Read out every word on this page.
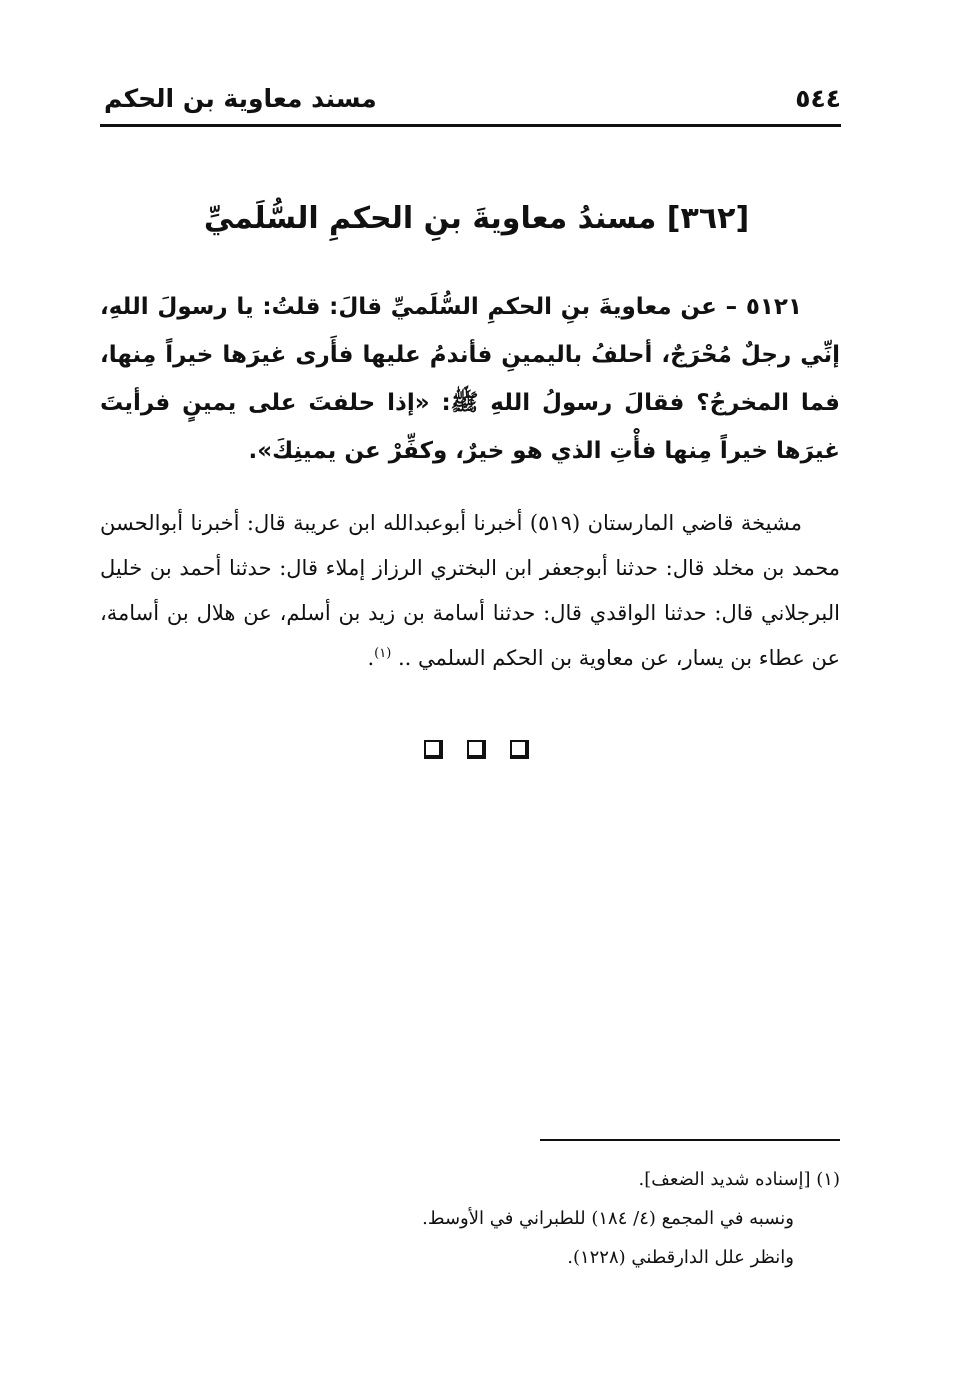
٥٤٤
مسند معاوية بن الحكم
[٣٦٢] مسندُ معاويةَ بنِ الحكمِ السُّلَميِّ
٥١٢١ – عن معاويةَ بنِ الحكمِ السُّلَميِّ قالَ: قلتُ: يا رسولَ اللهِ، إنِّي رجلٌ مُحْرَجٌ، أحلفُ باليمينِ فأندمُ عليها فأَرى غيرَها خيراً مِنها، فما المخرجُ؟ فقالَ رسولُ اللهِ ﷺ: «إذا حلفتَ على يمينٍ فرأيتَ غيرَها خيراً مِنها فأْتِ الذي هو خيرٌ، وكفِّرْ عن يمينِكَ».
مشيخة قاضي المارستان (٥١٩) أخبرنا أبوعبدالله ابن عريبة قال: أخبرنا أبوالحسن محمد بن مخلد قال: حدثنا أبوجعفر ابن البختري الرزاز إملاء قال: حدثنا أحمد بن خليل البرجلاني قال: حدثنا الواقدي قال: حدثنا أسامة بن زيد بن أسلم، عن هلال بن أسامة، عن عطاء بن يسار، عن معاوية بن الحكم السلمي .. $^{(١)}$.
(١) [إسناده شديد الضعف].
ونسبه في المجمع (٤/ ١٨٤) للطبراني في الأوسط.
وانظر علل الدارقطني (١٢٢٨).
